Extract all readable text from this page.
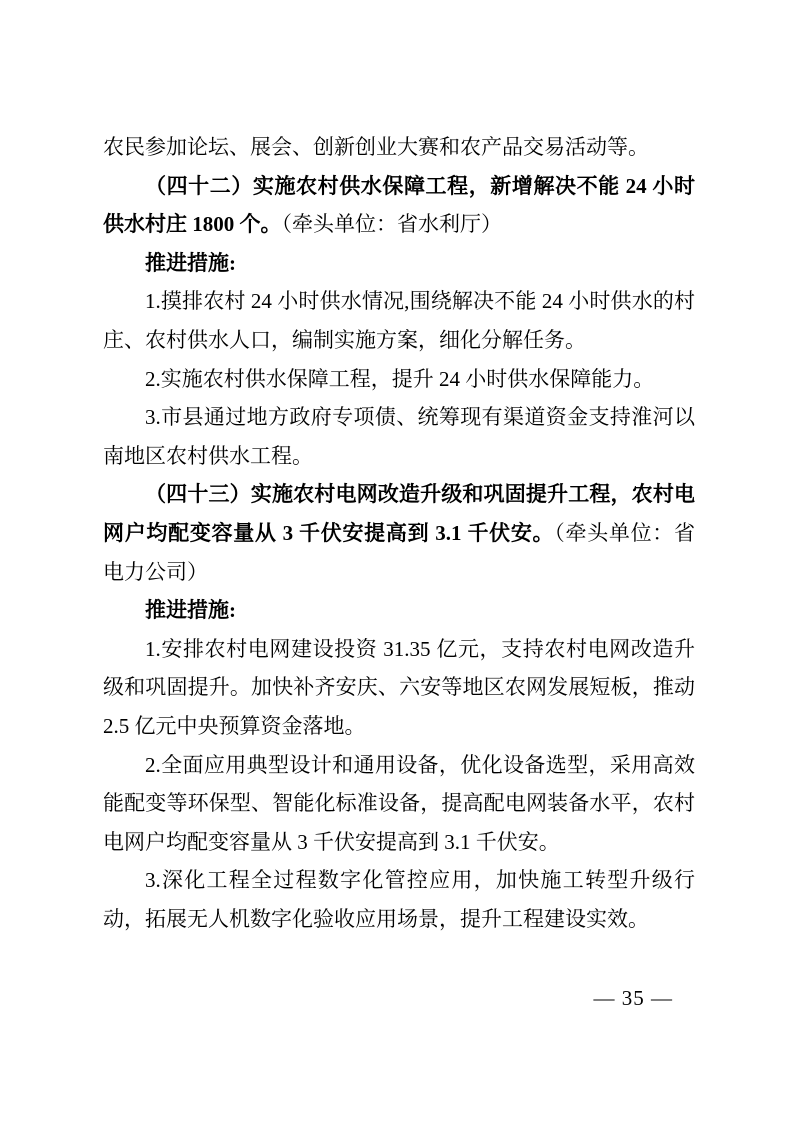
农民参加论坛、展会、创新创业大赛和农产品交易活动等。

（四十二）实施农村供水保障工程，新增解决不能 24 小时供水村庄 1800 个。（牵头单位：省水利厅）

推进措施:

1.摸排农村 24 小时供水情况,围绕解决不能 24 小时供水的村庄、农村供水人口，编制实施方案，细化分解任务。

2.实施农村供水保障工程，提升 24 小时供水保障能力。

3.市县通过地方政府专项债、统筹现有渠道资金支持淮河以南地区农村供水工程。

（四十三）实施农村电网改造升级和巩固提升工程，农村电网户均配变容量从 3 千伏安提高到 3.1 千伏安。（牵头单位：省电力公司）

推进措施:

1.安排农村电网建设投资 31.35 亿元，支持农村电网改造升级和巩固提升。加快补齐安庆、六安等地区农网发展短板，推动 2.5 亿元中央预算资金落地。

2.全面应用典型设计和通用设备，优化设备选型，采用高效能配变等环保型、智能化标准设备，提高配电网装备水平，农村电网户均配变容量从 3 千伏安提高到 3.1 千伏安。

3.深化工程全过程数字化管控应用，加快施工转型升级行动，拓展无人机数字化验收应用场景，提升工程建设实效。

— 35 —
